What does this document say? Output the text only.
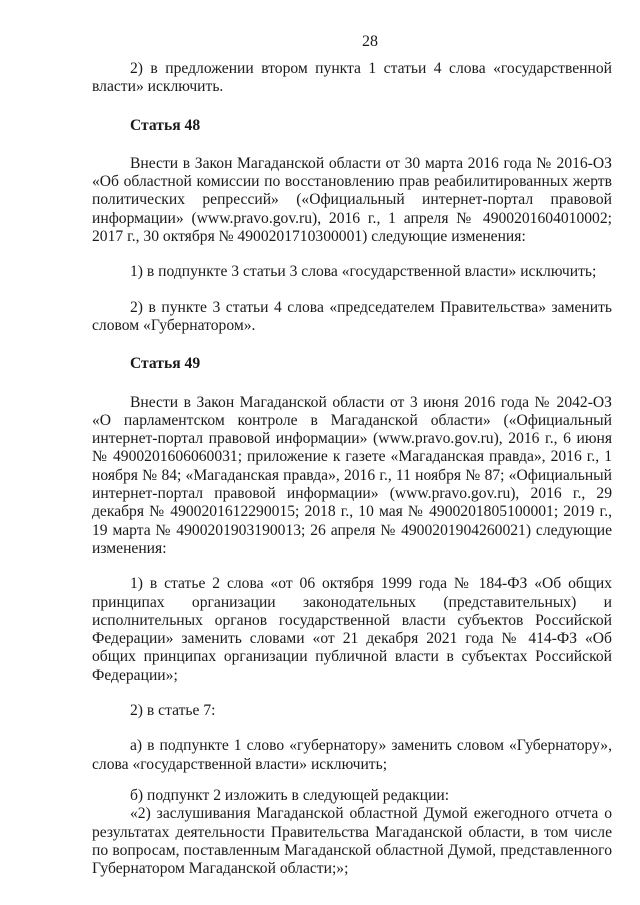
28

2) в предложении втором пункта 1 статьи 4 слова «государственной власти» исключить.

Статья 48

Внести в Закон Магаданской области от 30 марта 2016 года № 2016-ОЗ «Об областной комиссии по восстановлению прав реабилитированных жертв политических репрессий» («Официальный интернет-портал правовой информации» (www.pravo.gov.ru), 2016 г., 1 апреля № 4900201604010002; 2017 г., 30 октября № 4900201710300001) следующие изменения:

1) в подпункте 3 статьи 3 слова «государственной власти» исключить;

2) в пункте 3 статьи 4 слова «председателем Правительства» заменить словом «Губернатором».

Статья 49

Внести в Закон Магаданской области от 3 июня 2016 года № 2042-ОЗ «О парламентском контроле в Магаданской области» («Официальный интернет-портал правовой информации» (www.pravo.gov.ru), 2016 г., 6 июня № 4900201606060031; приложение к газете «Магаданская правда», 2016 г., 1 ноября № 84; «Магаданская правда», 2016 г., 11 ноября № 87; «Официальный интернет-портал правовой информации» (www.pravo.gov.ru), 2016 г., 29 декабря № 4900201612290015; 2018 г., 10 мая № 4900201805100001; 2019 г., 19 марта № 4900201903190013; 26 апреля № 4900201904260021) следующие изменения:

1) в статье 2 слова «от 06 октября 1999 года № 184-ФЗ «Об общих принципах организации законодательных (представительных) и исполнительных органов государственной власти субъектов Российской Федерации» заменить словами «от 21 декабря 2021 года № 414-ФЗ «Об общих принципах организации публичной власти в субъектах Российской Федерации»;

2) в статье 7:

а) в подпункте 1 слово «губернатору» заменить словом «Губернатору», слова «государственной власти» исключить;

б) подпункт 2 изложить в следующей редакции:

«2) заслушивания Магаданской областной Думой ежегодного отчета о результатах деятельности Правительства Магаданской области, в том числе по вопросам, поставленным Магаданской областной Думой, представленного Губернатором Магаданской области;»;
